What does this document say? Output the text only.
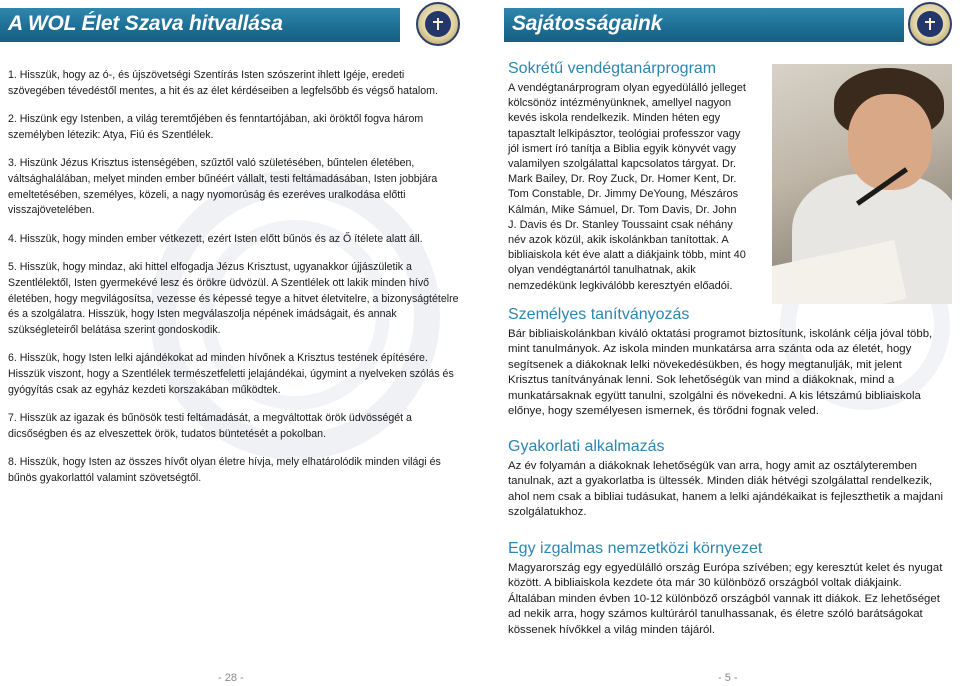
A WOL Élet Szava hitvallása

1. Hisszük, hogy az ó-, és újszövetségi Szentírás Isten szószerint ihlett Igéje, eredeti szövegében tévedéstől mentes, a hit és az élet kérdéseiben a legfelsőbb és végső hatalom.

2. Hiszünk egy Istenben, a világ teremtőjében és fenntartójában, aki öröktől fogva három személyben létezik: Atya, Fiú és Szentlélek.

3. Hiszünk Jézus Krisztus istenségében, szűztől való születésében, bűntelen életében, váltsághalálában, melyet minden ember bűnéért vállalt, testi feltámadásában, Isten jobbjára emeltetésében, személyes, közeli, a nagy nyomorúság és ezeréves uralkodása előtti visszajövetelében.

4. Hisszük, hogy minden ember vétkezett, ezért Isten előtt bűnös és az Ő ítélete alatt áll.

5. Hisszük, hogy mindaz, aki hittel elfogadja Jézus Krisztust, ugyanakkor újjászületik a Szentlélektől, Isten gyermekévé lesz és örökre üdvözül. A Szentlélek ott lakik minden hívő életében, hogy megvilágosítsa, vezesse és képessé tegye a hitvet életvitelre, a bizonyságtételre és a szolgálatra. Hisszük, hogy Isten megválaszolja népének imádságait, és annak szükségleteiről belátása szerint gondoskodik.

6. Hisszük, hogy Isten lelki ajándékokat ad minden hívőnek a Krisztus testének építésére. Hisszük viszont, hogy a Szentlélek természetfeletti jelajándékai, úgymint a nyelveken szólás és gyógyítás csak az egyház kezdeti korszakában működtek.

7. Hisszük az igazak és bűnösök testi feltámadását, a megváltottak örök üdvösségét a dicsőségben és az elveszettek örök, tudatos büntetését a pokolban.

8. Hisszük, hogy Isten az összes hívőt olyan életre hívja, mely elhatárolódik minden világi és bűnös gyakorlattól valamint szövetségtől.

- 28 -
Sajátosságaink
Sokrétű vendégtanárprogram
A vendégtanárprogram olyan egyedülálló jelleget kölcsönöz intézményünknek, amellyel nagyon kevés iskola rendelkezik. Minden héten egy tapasztalt lelkipásztor, teológiai professzor vagy jól ismert író tanítja a Biblia egyik könyvét vagy valamilyen szolgálattal kapcsolatos tárgyat. Dr. Mark Bailey, Dr. Roy Zuck, Dr. Homer Kent, Dr. Tom Constable, Dr. Jimmy DeYoung, Mészáros Kálmán, Mike Sámuel, Dr. Tom Davis, Dr. John J. Davis és Dr. Stanley Toussaint csak néhány név azok közül, akik iskolánkban tanítottak. A bibliaiskola két éve alatt a diákjaink több, mint 40 olyan vendégtanártól tanulhatnak, akik nemzedékünk legkiválóbb keresztyén előadói.
Személyes tanítványozás
Bár bibliaiskolánkban kiváló oktatási programot biztosítunk, iskolánk célja jóval több, mint tanulmányok. Az iskola minden munkatársa arra szánta oda az életét, hogy segítsenek a diákoknak lelki növekedésükben, és hogy megtanulják, mit jelent Krisztus tanítványának lenni. Sok lehetőségük van mind a diákoknak, mind a munkatársaknak együtt tanulni, szolgálni és növekedni. A kis létszámú bibliaiskola előnye, hogy személyesen ismernek, és törődni fognak veled.
Gyakorlati alkalmazás
Az év folyamán a diákoknak lehetőségük van arra, hogy amit az osztályteremben tanulnak, azt a gyakorlatba is ültessék. Minden diák hétvégi szolgálattal rendelkezik, ahol nem csak a bibliai tudásukat, hanem a lelki ajándékaikat is fejleszthetik a majdani szolgálatukhoz.
Egy izgalmas nemzetközi környezet
Magyarország egy egyedülálló ország Európa szívében; egy keresztút kelet és nyugat között. A bibliaiskola kezdete óta már 30 különböző országból voltak diákjaink. Általában minden évben 10-12 különböző országból vannak itt diákok. Ez lehetőséget ad nekik arra, hogy számos kultúráról tanulhassanak, és életre szóló barátságokat kössenek hívőkkel a világ minden tájáról.
- 5 -
